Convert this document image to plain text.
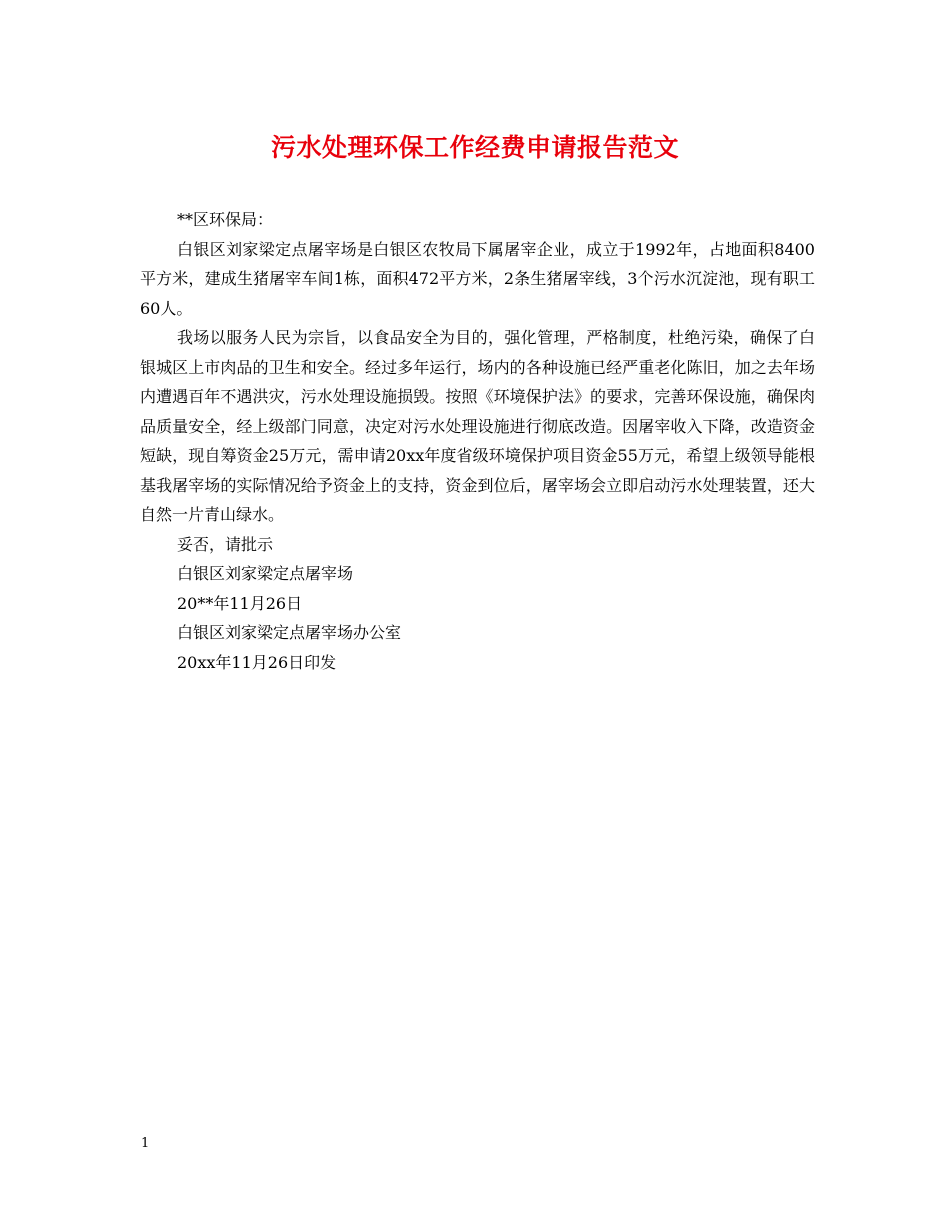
污水处理环保工作经费申请报告范文

**区环保局：

白银区刘家梁定点屠宰场是白银区农牧局下属屠宰企业，成立于1992年，占地面积8400平方米，建成生猪屠宰车间1栋，面积472平方米，2条生猪屠宰线，3个污水沉淀池，现有职工60人。

我场以服务人民为宗旨，以食品安全为目的，强化管理，严格制度，杜绝污染，确保了白银城区上市肉品的卫生和安全。经过多年运行，场内的各种设施已经严重老化陈旧，加之去年场内遭遇百年不遇洪灾，污水处理设施损毁。按照《环境保护法》的要求，完善环保设施，确保肉品质量安全，经上级部门同意，决定对污水处理设施进行彻底改造。因屠宰收入下降，改造资金短缺，现自筹资金25万元，需申请20xx年度省级环境保护项目资金55万元，希望上级领导能根基我屠宰场的实际情况给予资金上的支持，资金到位后，屠宰场会立即启动污水处理装置，还大自然一片青山绿水。

妥否，请批示

白银区刘家梁定点屠宰场

20**年11月26日

白银区刘家梁定点屠宰场办公室

20xx年11月26日印发

1
